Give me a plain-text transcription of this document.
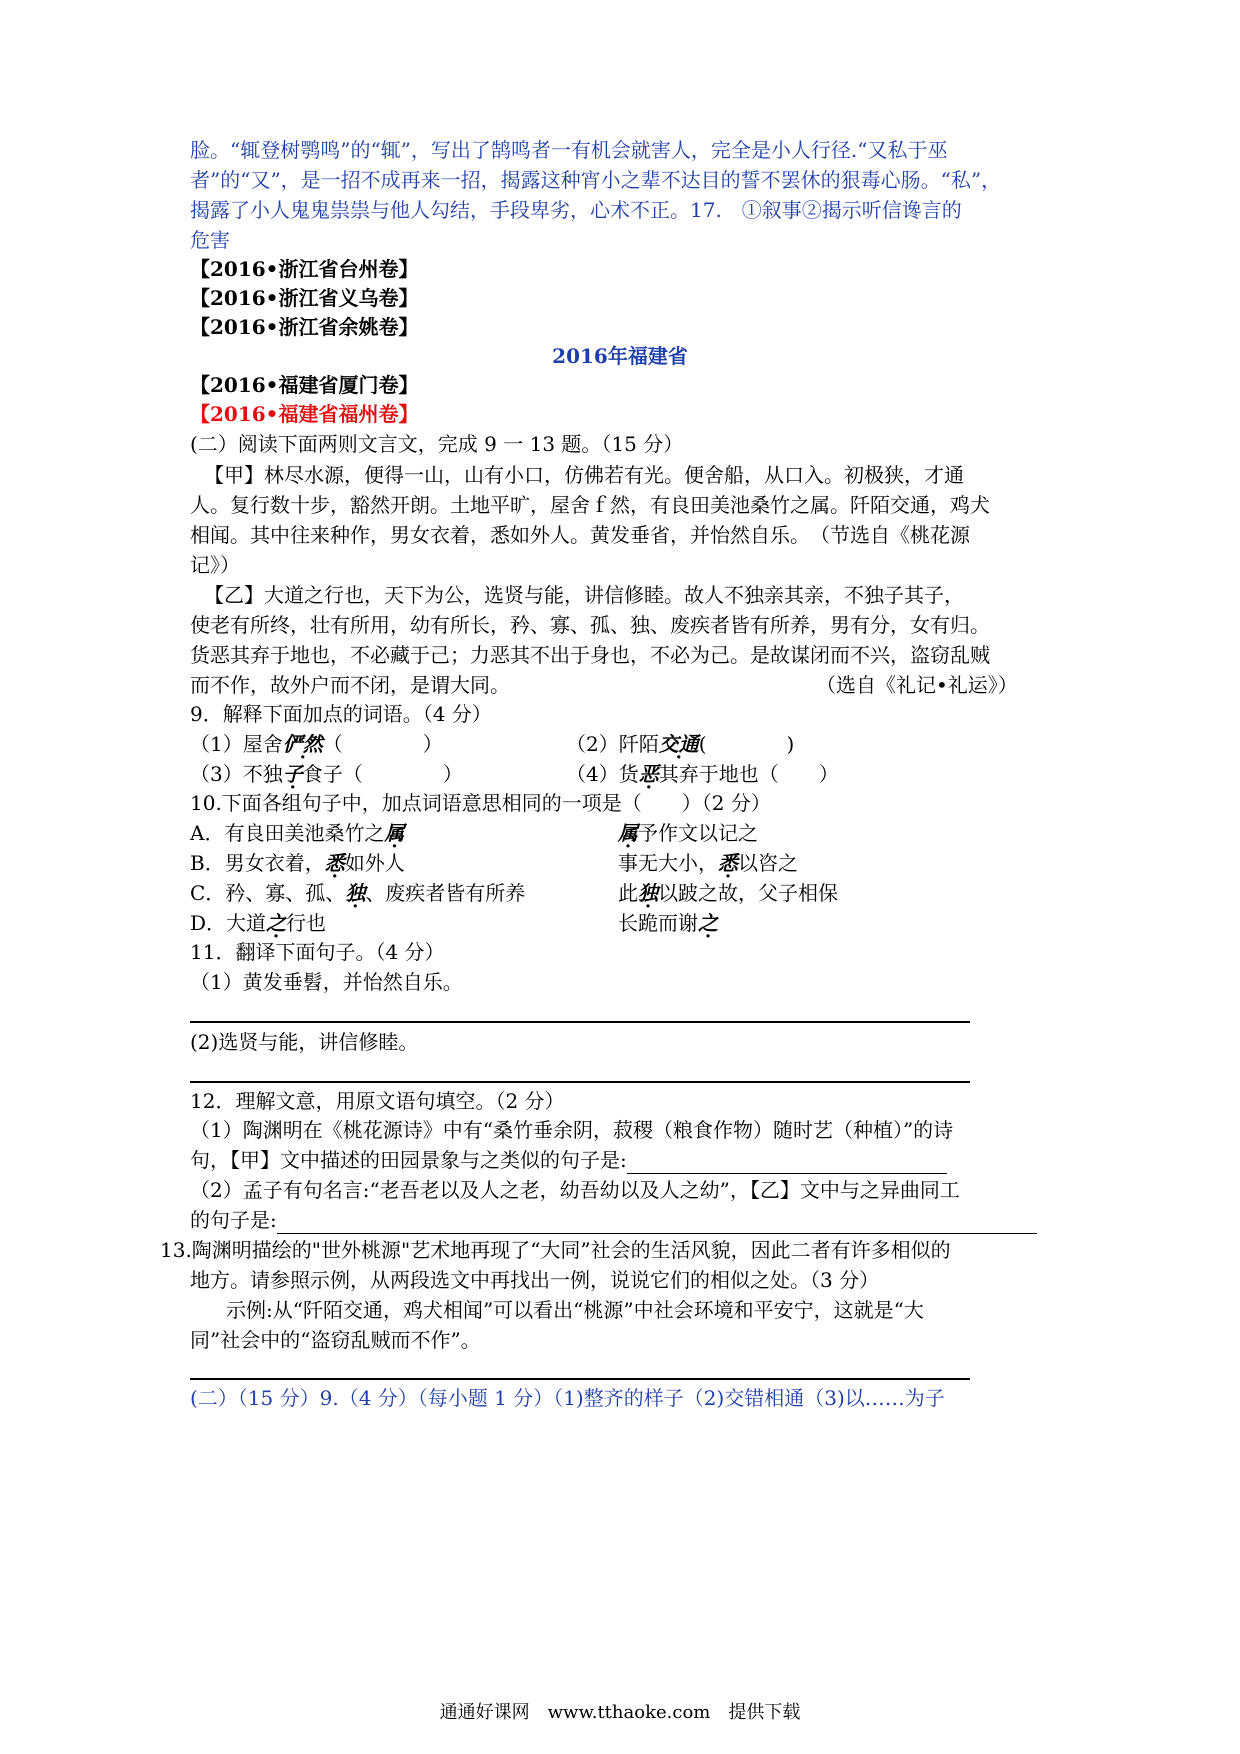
脸。“辄登树鹗鸣”的“辄”，写出了鹄鸣者一有机会就害人，完全是小人行径.“又私于巫
者”的“又”，是一招不成再来一招，揭露这种宵小之辈不达目的誓不罢休的狠毒心肠。“私”，
揭露了小人鬼鬼祟祟与他人勾结，手段卑劣，心术不正。17.　①叙事②揭示听信谗言的
危害
【2016•浙江省台州卷】
【2016•浙江省义乌卷】
【2016•浙江省余姚卷】
2016年福建省
【2016•福建省厦门卷】
【2016•福建省福州卷】
(二）阅读下面两则文言文，完成 9 一 13 题。（15 分）
【甲】林尽水源，便得一山，山有小口，仿佛若有光。便舍船，从口入。初极狭，才通
人。复行数十步，豁然开朗。土地平旷，屋舍ｆ然，有良田美池桑竹之属。阡陌交通，鸡犬
相闻。其中往来种作，男女衣着，悉如外人。黄发垂省，并怡然自乐。　（节选自《桃花源
记》）
【乙】大道之行也，天下为公，选贤与能，讲信修睦。故人不独亲其亲，不独子其子，
使老有所终，壮有所用，幼有所长，矜、寡、孤、独、废疾者皆有所养，男有分，女有归。
货恶其弃于地也，不必藏于己；力恶其不出于身也，不必为己。是故谋闭而不兴，盗窃乱贼
而不作，故外户而不闭，是谓大同。	（选自《礼记•礼运》）
9．解释下面加点的词语。（4 分）
（1）屋舍俨然（　　　　）	（2）阡陌交通(　　　　)
（3）不独子食子（　　　　）	（4）货恶其弃于地也（　　）
10.下面各组句子中，加点词语意思相同的一项是（　　）（2 分）
A．有良田美池桑竹之属	属予作文以记之
B．男女衣着，悉如外人	事无大小，悉以咨之
C．矜、寡、孤、独、废疾者皆有所养	此独以跛之故，父子相保
D．大道之行也	长跪而谢之
11．翻译下面句子。（4 分）
（1）黄发垂髫，并怡然自乐。
(2)选贤与能，讲信修睦。
12．理解文意，用原文语句填空。（2 分）
（1）陶渊明在《桃花源诗》中有“桑竹垂余阴，菽稷（粮食作物）随时艺（种植）”的诗
句，【甲】文中描述的田园景象与之类似的句子是:
（2）孟子有句名言:“老吾老以及人之老，幼吾幼以及人之幼”，【乙】文中与之异曲同工
的句子是:
13.陶渊明描绘的"世外桃源"艺术地再现了“大同”社会的生活风貌，因此二者有许多相似的
地方。请参照示例，从两段选文中再找出一例，说说它们的相似之处。（3 分）
示例:从“阡陌交通，鸡犬相闻”可以看出“桃源”中社会环境和平安宁，这就是“大
同”社会中的“盗窃乱贼而不作”。
(二）（15 分）9.（4 分）（每小题 1 分）（1)整齐的样子（2)交错相通（3)以……为子
通通好课网　www.tthaoke.com　提供下载
